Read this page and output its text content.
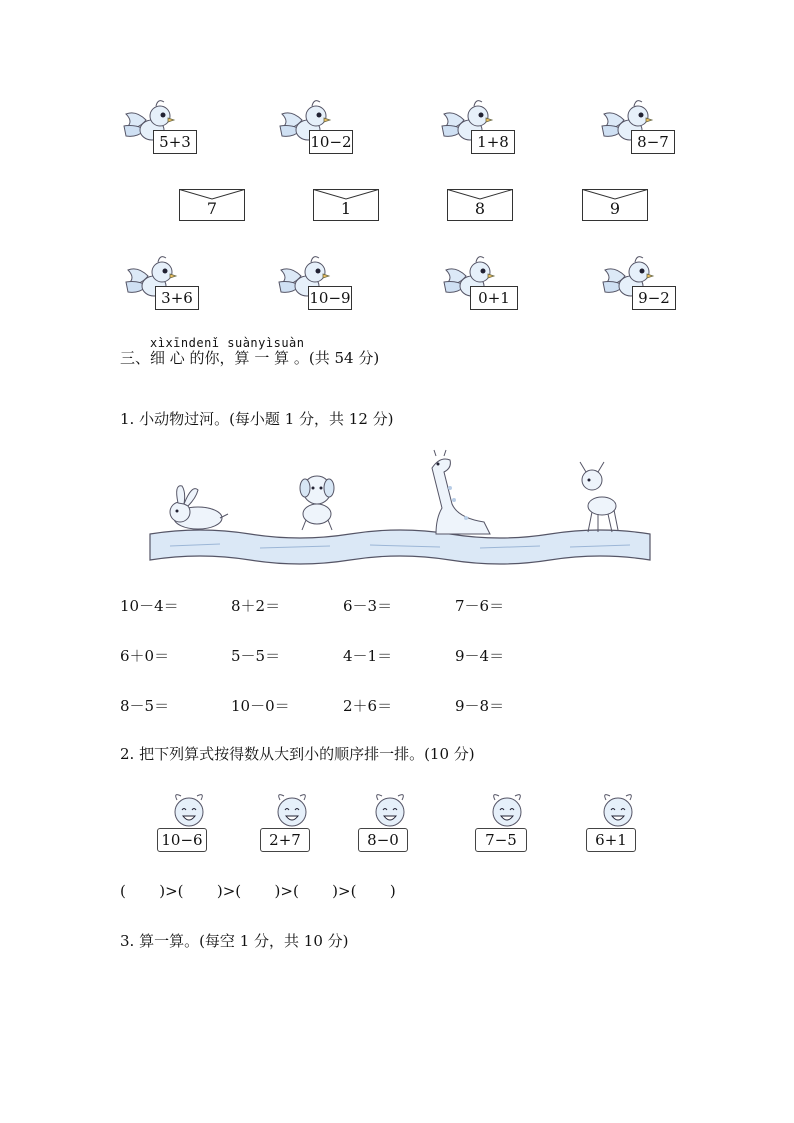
5+3	10−2	1+8	8−7
7	1	8	9
3+6	10−9	0+1	9−2
xìxīndenǐ suànyìsuàn
三、细 心 的你，算 一 算 。(共 54 分)
1. 小动物过河。(每小题 1 分，共 12 分)
10－4＝	8＋2＝	6－3＝	7－6＝
6＋0＝	5－5＝	4－1＝	9－4＝
8－5＝	10－0＝	2＋6＝	9－8＝
2. 把下列算式按得数从大到小的顺序排一排。(10 分)
10−6	2+7	8−0	7−5	6+1
(       )>(       )>(       )>(       )>(       )
3. 算一算。(每空 1 分，共 10 分)
